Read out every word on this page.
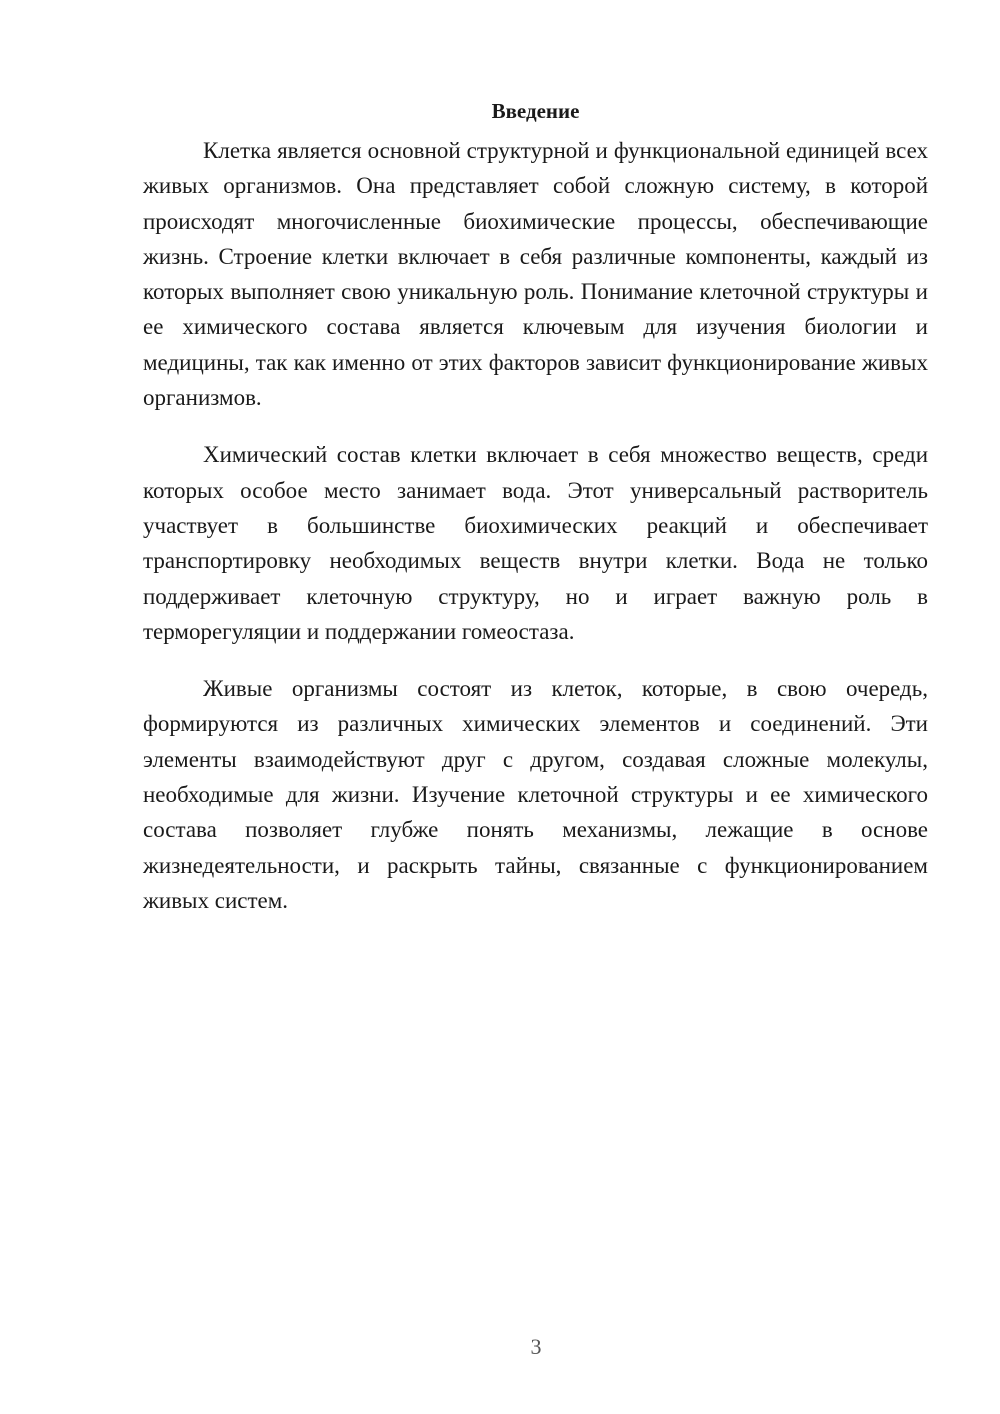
Введение

Клетка является основной структурной и функциональной единицей всех живых организмов. Она представляет собой сложную систему, в которой происходят многочисленные биохимические процессы, обеспечивающие жизнь. Строение клетки включает в себя различные компоненты, каждый из которых выполняет свою уникальную роль. Понимание клеточной структуры и ее химического состава является ключевым для изучения биологии и медицины, так как именно от этих факторов зависит функционирование живых организмов.

Химический состав клетки включает в себя множество веществ, среди которых особое место занимает вода. Этот универсальный растворитель участвует в большинстве биохимических реакций и обеспечивает транспортировку необходимых веществ внутри клетки. Вода не только поддерживает клеточную структуру, но и играет важную роль в терморегуляции и поддержании гомеостаза.

Живые организмы состоят из клеток, которые, в свою очередь, формируются из различных химических элементов и соединений. Эти элементы взаимодействуют друг с другом, создавая сложные молекулы, необходимые для жизни. Изучение клеточной структуры и ее химического состава позволяет глубже понять механизмы, лежащие в основе жизнедеятельности, и раскрыть тайны, связанные с функционированием живых систем.

3
